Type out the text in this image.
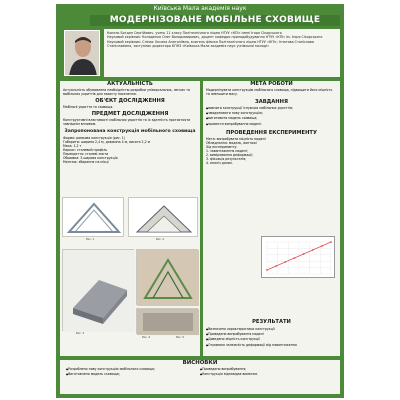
Київська Мала академія наук
МОДЕРНІЗОВАНЕ МОБІЛЬНЕ СХОВИЩЕ

Кокель Богдан Сергійович, учень 11 класу Політехнічного ліцею НТУУ «КПІ» імені Ігоря Сікорського

Науковий керівник: Коляденко Олег Володимирович, доцент кафедри приладобудування НТУУ «КПІ» ім. Ігоря Сікорського

Науковий керівник: Сліпак Оксана Анатоліївна, вчитель фізики Політехнічного ліцею НТУУ «КПІ»; Ігнатова Станіслава Станіславівна, заступник директора КПНЗ «Київська Мала академія наук учнівської молоді»

АКТУАЛЬНІСТЬ
Актуальність обумовлена необхідністю розробки універсальних, легких та мобільних укриттів для захисту населення.
ОБ'ЄКТ ДОСЛІДЖЕННЯ
Мобільні укриття та сховища.
ПРЕДМЕТ ДОСЛІДЖЕННЯ
Конструктивні властивості мобільних укриттів та їх здатність протистояти зовнішнім впливам.
Запропонована конструкція мобільного сховища
Форма: рамкова конструкція (рис. 1)
Габарити: ширина 2,4 м, довжина 4 м, висота 2,2 м
Маса: 1,2 т
Каркас: сталевий профіль
Перекриття: сталеві листи
Обшивка: 3-шарова конструкція
Монтаж: збирання на місці
Рис. 1	Рис. 2
Рис. 3
Рис. 4	Рис. 5
МЕТА РОБОТИ
Модернізувати конструкцію мобільного сховища, підвищити його міцність та зменшити масу.
ЗАВДАННЯ
● вивчити конструкції існуючих мобільних укриттів;
● змоделювати нову конструкцію;
● виготовити модель сховища;
● провести випробування моделі.
ПРОВЕДЕННЯ ЕКСПЕРИМЕНТУ
Мета: випробувати міцність моделі
Обладнання: модель, вантажі
Хід експерименту:
1. завантаження моделі;
2. вимірювання деформації;
3. фіксація результатів;
4. аналіз даних.
РЕЗУЛЬТАТИ
● Визначено характеристики конструкції
● Проведено випробування моделі
● Доведено міцність конструкції
● Отримано залежність деформації від навантаження
ВИСНОВКИ
● Розроблено нову конструкцію мобільного сховища;
● Виготовлено модель сховища;
● Проведено випробування;
● Конструкція відповідає вимогам.
